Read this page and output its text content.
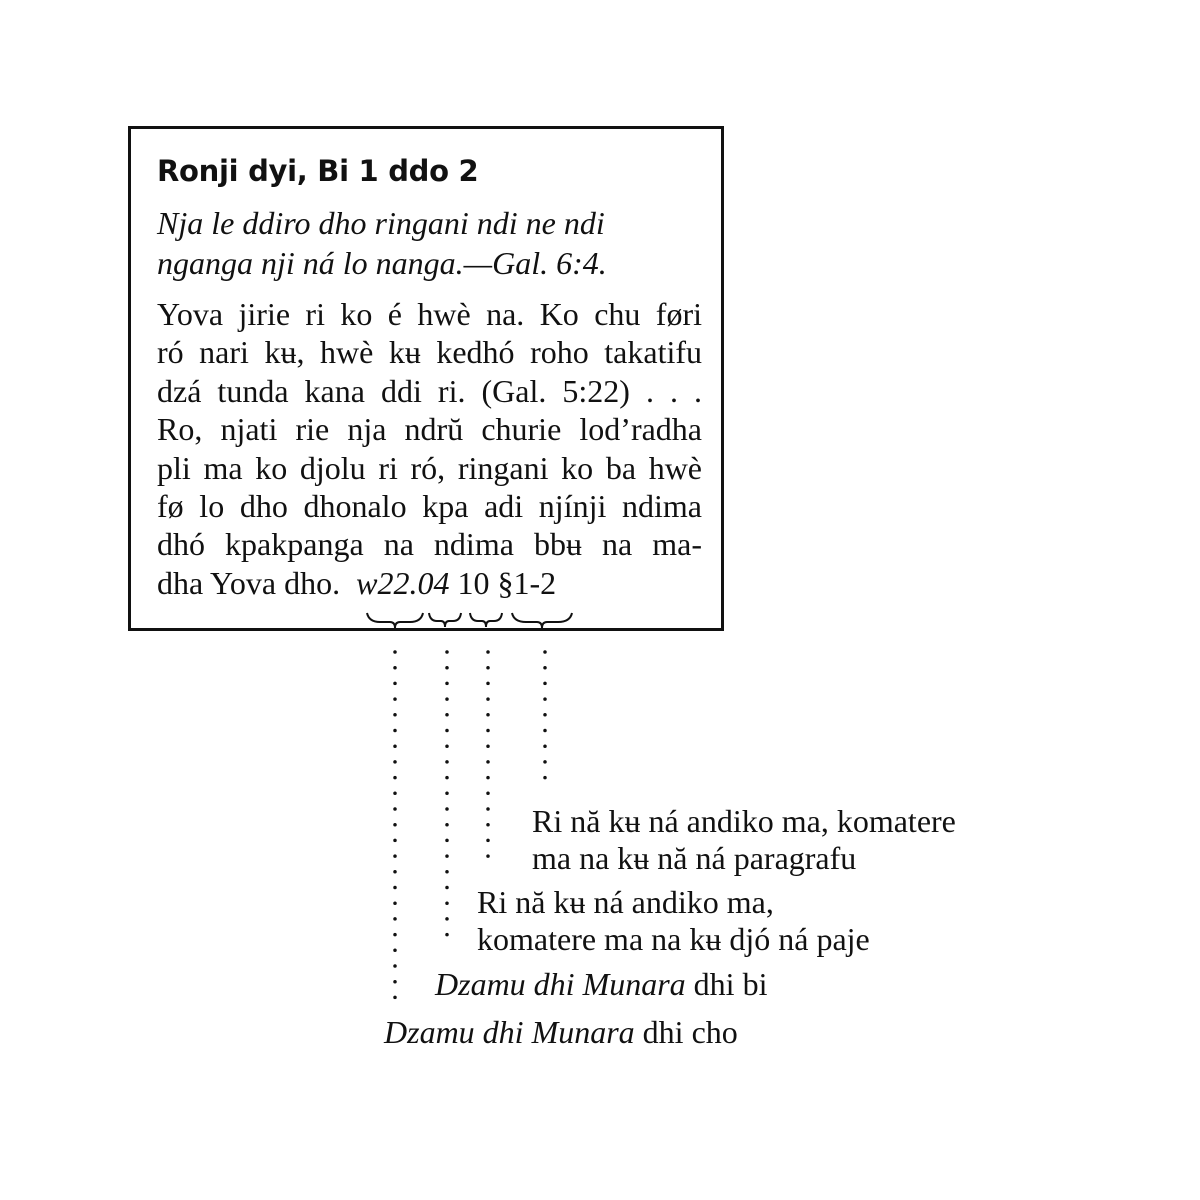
Ronji dyi, Bi 1 ddo 2
Nja le ddiro dho ringani ndi ne ndi
nganga nji ná lo nanga.—Gal. 6:4.
Yova jirie ri ko é hwè na. Ko chu føri
ró nari kʉ, hwè kʉ kedhó roho takatifu
dzá tunda kana ddi ri. (Gal. 5:22) . . .
Ro, njati rie nja ndrŭ churie lod’radha
pli ma ko djolu ri ró, ringani ko ba hwè
fø lo dho dhonalo kpa adi njínji ndima
dhó kpakpanga na ndima bbʉ na ma-
dha Yova dho. w22.04 10 §1-2
Ri nă kʉ ná andiko ma, komatere
ma na kʉ nă ná paragrafu
Ri nă kʉ ná andiko ma,
komatere ma na kʉ djó ná paje
Dzamu dhi Munara dhi bi
Dzamu dhi Munara dhi cho
